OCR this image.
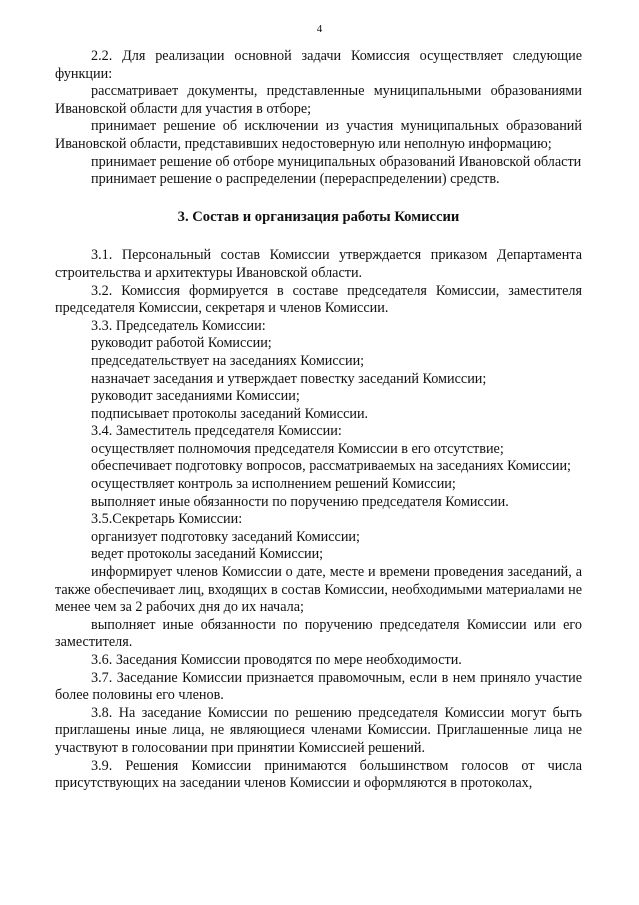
4

2.2. Для реализации основной задачи Комиссия осуществляет следующие функции:

рассматривает документы, представленные муниципальными образованиями Ивановской области для участия в отборе;

принимает решение об исключении из участия муниципальных образований Ивановской области, представивших недостоверную или неполную информацию;

принимает решение об отборе муниципальных образований Ивановской области

принимает решение о распределении (перераспределении) средств.

3. Состав и организация работы Комиссии

3.1. Персональный состав Комиссии утверждается приказом Департамента строительства и архитектуры Ивановской области.

3.2. Комиссия формируется в составе председателя Комиссии, заместителя председателя Комиссии, секретаря и членов Комиссии.

3.3. Председатель Комиссии:

руководит работой Комиссии;

председательствует на заседаниях Комиссии;

назначает заседания и утверждает повестку заседаний Комиссии;

руководит заседаниями Комиссии;

подписывает протоколы заседаний Комиссии.

3.4. Заместитель председателя Комиссии:

осуществляет полномочия председателя Комиссии в его отсутствие;

обеспечивает подготовку вопросов, рассматриваемых на заседаниях Комиссии;

осуществляет контроль за исполнением решений Комиссии;

выполняет иные обязанности по поручению председателя Комиссии.

3.5.Секретарь Комиссии:

организует подготовку заседаний Комиссии;

ведет протоколы заседаний Комиссии;

информирует членов Комиссии о дате, месте и времени проведения заседаний, а также обеспечивает лиц, входящих в состав Комиссии, необходимыми материалами не менее чем за 2 рабочих дня до их начала;

выполняет иные обязанности по поручению председателя Комиссии или его заместителя.

3.6. Заседания Комиссии проводятся по мере необходимости.

3.7. Заседание Комиссии признается правомочным, если в нем приняло участие более половины его членов.

3.8. На заседание Комиссии по решению председателя Комиссии могут быть приглашены иные лица, не являющиеся членами Комиссии. Приглашенные лица не участвуют в голосовании при принятии Комиссией решений.

3.9. Решения Комиссии принимаются большинством голосов от числа присутствующих на заседании членов Комиссии и оформляются в протоколах,
